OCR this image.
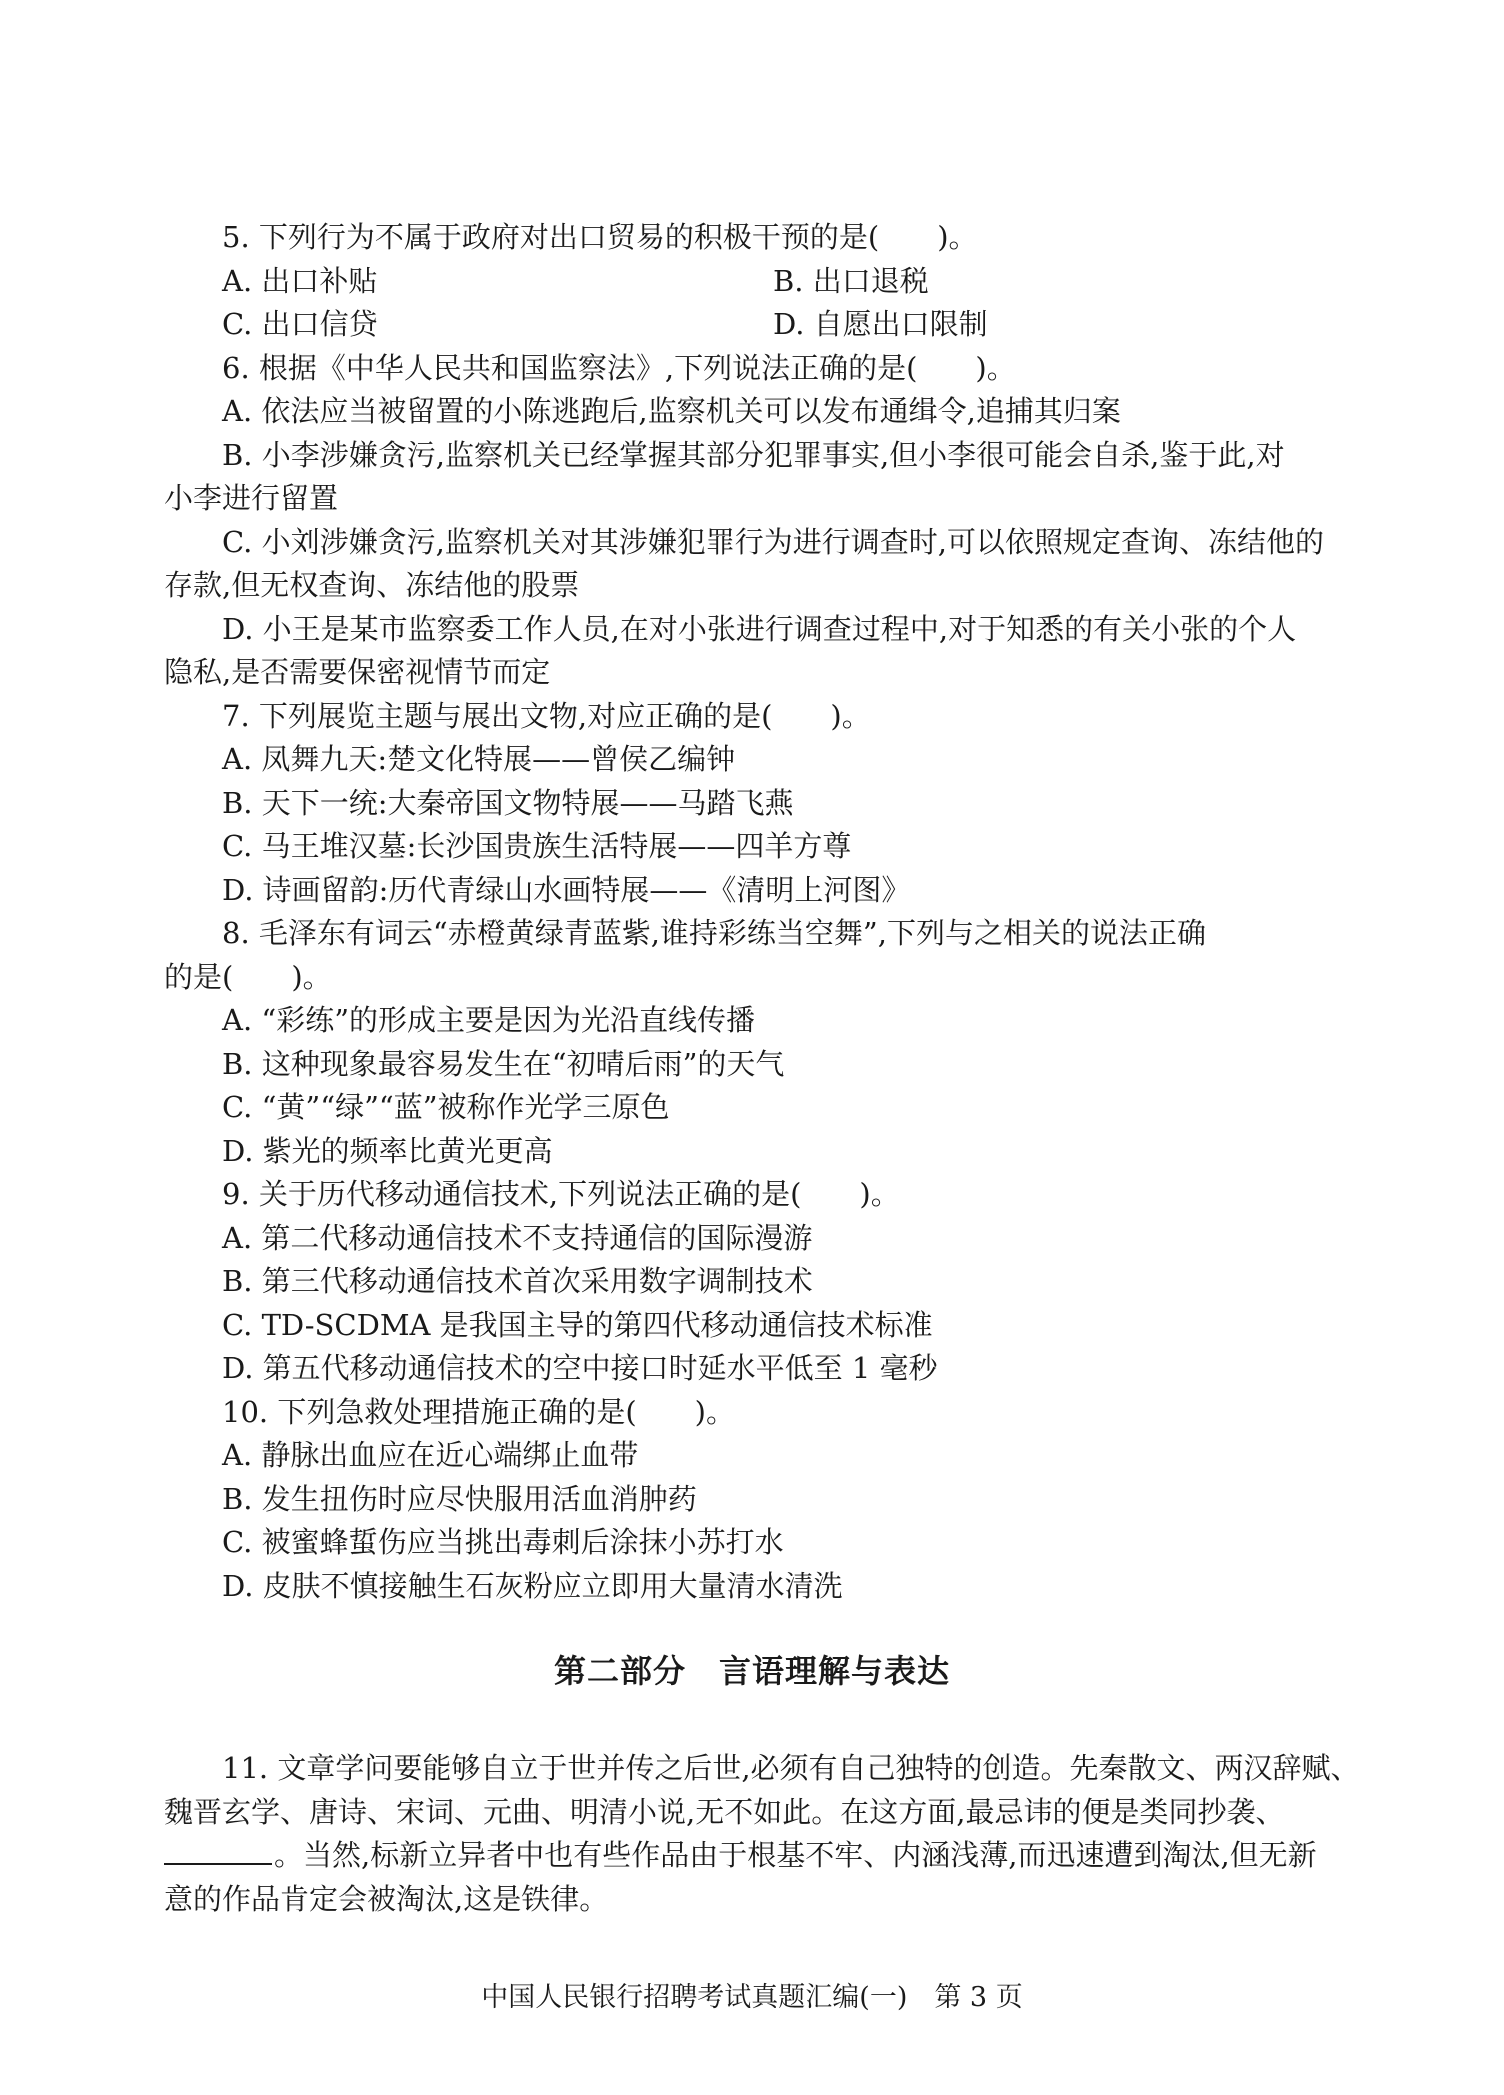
5. 下列行为不属于政府对出口贸易的积极干预的是(　　)。
A. 出口补贴	B. 出口退税
C. 出口信贷	D. 自愿出口限制
6. 根据《中华人民共和国监察法》,下列说法正确的是(　　)。
A. 依法应当被留置的小陈逃跑后,监察机关可以发布通缉令,追捕其归案
B. 小李涉嫌贪污,监察机关已经掌握其部分犯罪事实,但小李很可能会自杀,鉴于此,对
小李进行留置
C. 小刘涉嫌贪污,监察机关对其涉嫌犯罪行为进行调查时,可以依照规定查询、冻结他的
存款,但无权查询、冻结他的股票
D. 小王是某市监察委工作人员,在对小张进行调查过程中,对于知悉的有关小张的个人
隐私,是否需要保密视情节而定
7. 下列展览主题与展出文物,对应正确的是(　　)。
A. 凤舞九天:楚文化特展——曾侯乙编钟
B. 天下一统:大秦帝国文物特展——马踏飞燕
C. 马王堆汉墓:长沙国贵族生活特展——四羊方尊
D. 诗画留韵:历代青绿山水画特展——《清明上河图》
8. 毛泽东有词云“赤橙黄绿青蓝紫,谁持彩练当空舞”,下列与之相关的说法正确
的是(　　)。
A. “彩练”的形成主要是因为光沿直线传播
B. 这种现象最容易发生在“初晴后雨”的天气
C. “黄”“绿”“蓝”被称作光学三原色
D. 紫光的频率比黄光更高
9. 关于历代移动通信技术,下列说法正确的是(　　)。
A. 第二代移动通信技术不支持通信的国际漫游
B. 第三代移动通信技术首次采用数字调制技术
C. TD-SCDMA 是我国主导的第四代移动通信技术标准
D. 第五代移动通信技术的空中接口时延水平低至 1 毫秒
10. 下列急救处理措施正确的是(　　)。
A. 静脉出血应在近心端绑止血带
B. 发生扭伤时应尽快服用活血消肿药
C. 被蜜蜂蜇伤应当挑出毒刺后涂抹小苏打水
D. 皮肤不慎接触生石灰粉应立即用大量清水清洗
第二部分　言语理解与表达
11. 文章学问要能够自立于世并传之后世,必须有自己独特的创造。先秦散文、两汉辞赋、
魏晋玄学、唐诗、宋词、元曲、明清小说,无不如此。在这方面,最忌讳的便是类同抄袭、
。当然,标新立异者中也有些作品由于根基不牢、内涵浅薄,而迅速遭到淘汰,但无新
意的作品肯定会被淘汰,这是铁律。
中国人民银行招聘考试真题汇编(一)　第 3 页
